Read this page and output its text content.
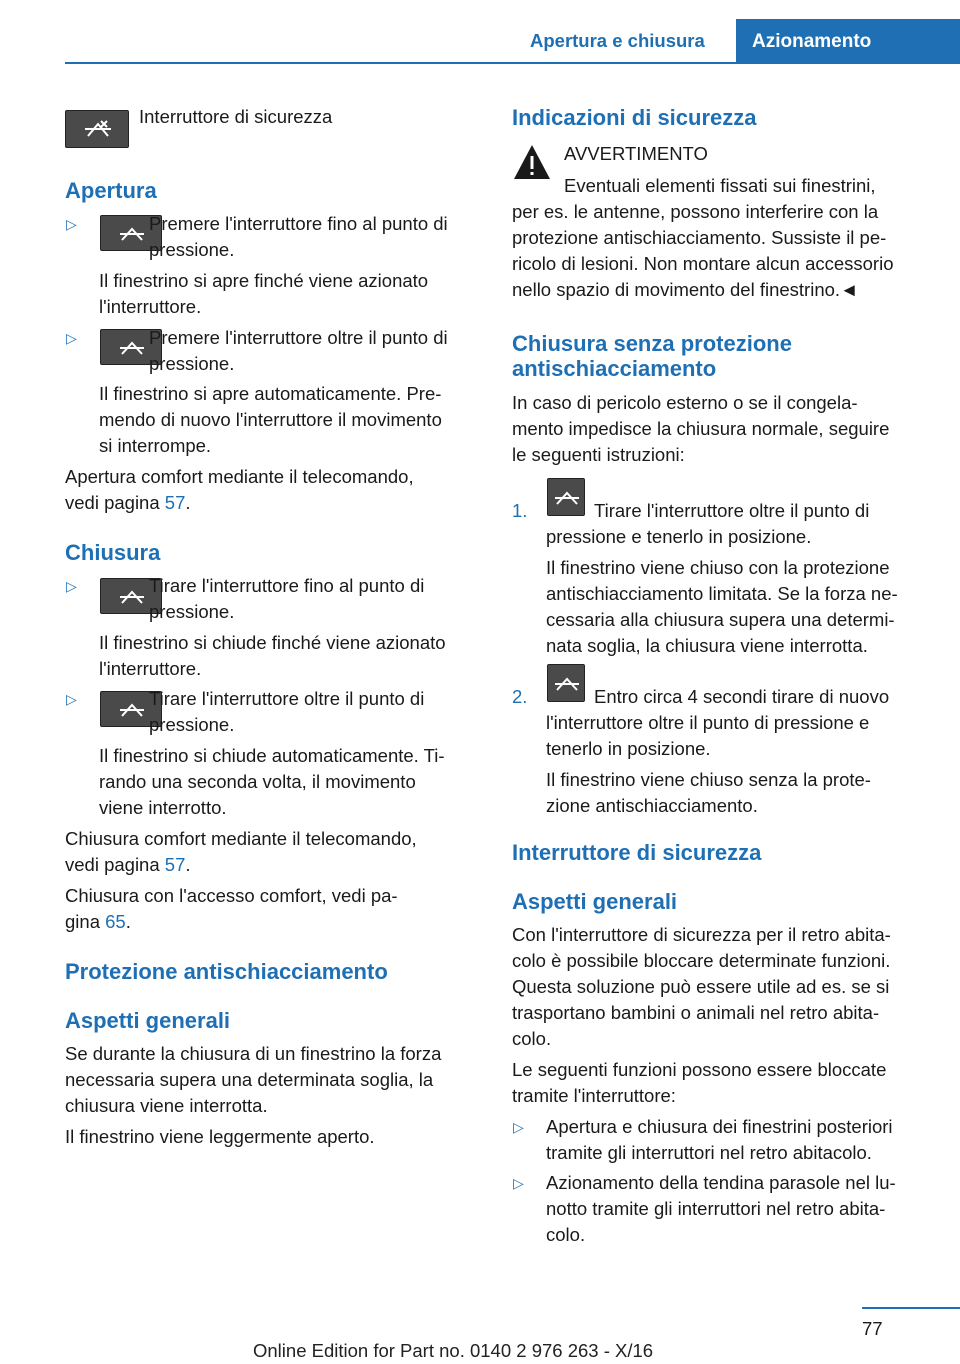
Apertura e chiusura	Azionamento
Interruttore di sicurezza
Apertura
▷	Premere l'interruttore fino al punto di
pressione.
Il finestrino si apre finché viene azionato
l'interruttore.
▷	Premere l'interruttore oltre il punto di
pressione.
Il finestrino si apre automaticamente. Pre-
mendo di nuovo l'interruttore il movimento
si interrompe.
Apertura comfort mediante il telecomando,
vedi pagina 57.
Chiusura
▷	Tirare l'interruttore fino al punto di
pressione.
Il finestrino si chiude finché viene azionato
l'interruttore.
▷	Tirare l'interruttore oltre il punto di
pressione.
Il finestrino si chiude automaticamente. Ti-
rando una seconda volta, il movimento
viene interrotto.
Chiusura comfort mediante il telecomando,
vedi pagina 57.
Chiusura con l'accesso comfort, vedi pa-
gina 65.
Protezione antischiacciamento
Aspetti generali
Se durante la chiusura di un finestrino la forza
necessaria supera una determinata soglia, la
chiusura viene interrotta.
Il finestrino viene leggermente aperto.
Indicazioni di sicurezza
AVVERTIMENTO
Eventuali elementi fissati sui finestrini,
per es. le antenne, possono interferire con la
protezione antischiacciamento. Sussiste il pe-
ricolo di lesioni. Non montare alcun accessorio
nello spazio di movimento del finestrino.◄
Chiusura senza protezione
antischiacciamento
In caso di pericolo esterno o se il congela-
mento impedisce la chiusura normale, seguire
le seguenti istruzioni:
1.	Tirare l'interruttore oltre il punto di
pressione e tenerlo in posizione.
Il finestrino viene chiuso con la protezione
antischiacciamento limitata. Se la forza ne-
cessaria alla chiusura supera una determi-
nata soglia, la chiusura viene interrotta.
2.	Entro circa 4 secondi tirare di nuovo
l'interruttore oltre il punto di pressione e
tenerlo in posizione.
Il finestrino viene chiuso senza la prote-
zione antischiacciamento.
Interruttore di sicurezza
Aspetti generali
Con l'interruttore di sicurezza per il retro abita-
colo è possibile bloccare determinate funzioni.
Questa soluzione può essere utile ad es. se si
trasportano bambini o animali nel retro abita-
colo.
Le seguenti funzioni possono essere bloccate
tramite l'interruttore:
▷ Apertura e chiusura dei finestrini posteriori
tramite gli interruttori nel retro abitacolo.
▷ Azionamento della tendina parasole nel lu-
notto tramite gli interruttori nel retro abita-
colo.
77
Online Edition for Part no. 0140 2 976 263 - X/16
